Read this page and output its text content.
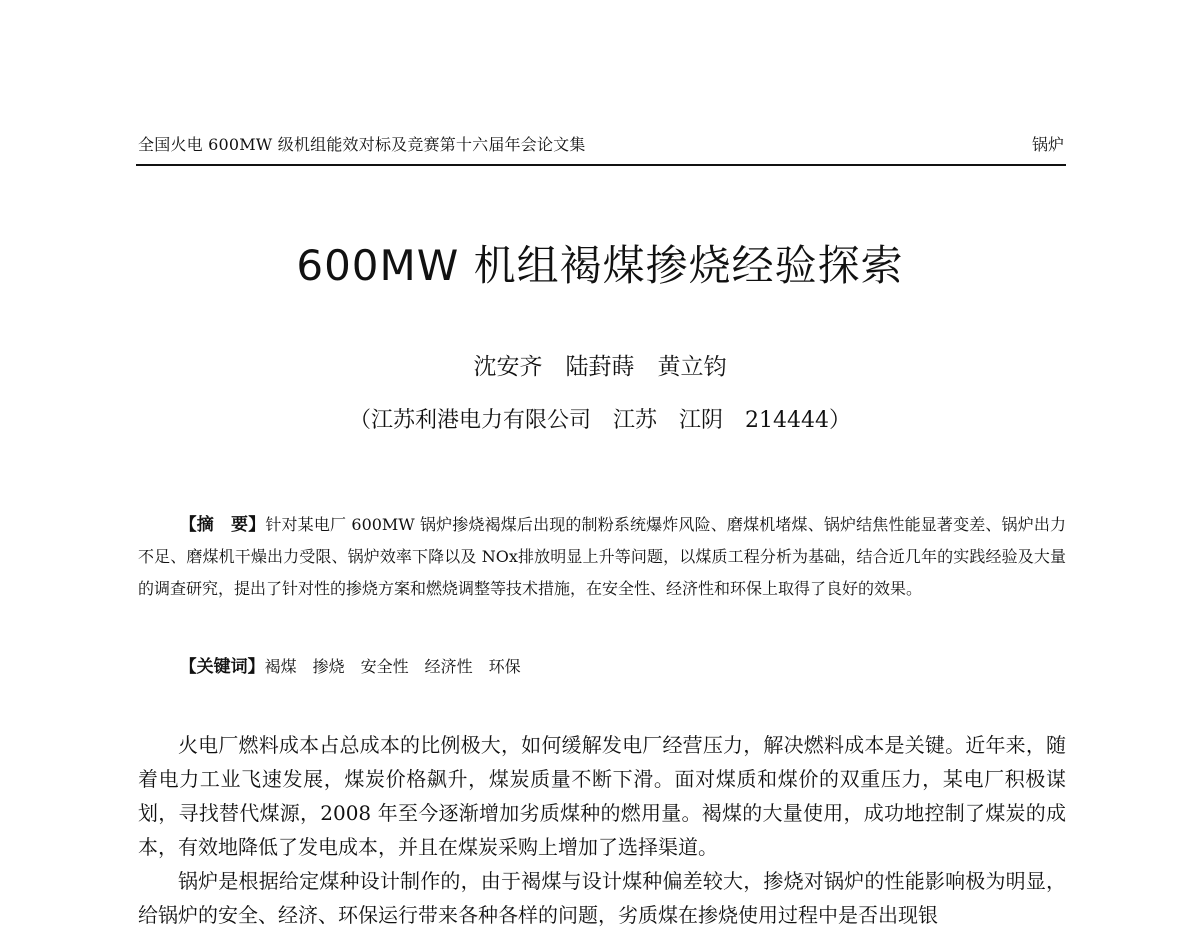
全国火电 600MW 级机组能效对标及竞赛第十六届年会论文集	锅炉
600MW 机组褐煤掺烧经验探索
沈安齐　陆葑蒔　黄立钧
（江苏利港电力有限公司　江苏　江阴　214444）

【摘　要】针对某电厂 600MW 锅炉掺烧褐煤后出现的制粉系统爆炸风险、磨煤机堵煤、锅炉结焦性能显著变差、锅炉出力不足、磨煤机干燥出力受限、锅炉效率下降以及 NOx排放明显上升等问题，以煤质工程分析为基础，结合近几年的实践经验及大量的调查研究，提出了针对性的掺烧方案和燃烧调整等技术措施，在安全性、经济性和环保上取得了良好的效果。

【关键词】褐煤　掺烧　安全性　经济性　环保

火电厂燃料成本占总成本的比例极大，如何缓解发电厂经营压力，解决燃料成本是关键。近年来，随着电力工业飞速发展，煤炭价格飙升，煤炭质量不断下滑。面对煤质和煤价的双重压力，某电厂积极谋划，寻找替代煤源，2008 年至今逐渐增加劣质煤种的燃用量。褐煤的大量使用，成功地控制了煤炭的成本，有效地降低了发电成本，并且在煤炭采购上增加了选择渠道。

锅炉是根据给定煤种设计制作的，由于褐煤与设计煤种偏差较大，掺烧对锅炉的性能影响极为明显，给锅炉的安全、经济、环保运行带来各种各样的问题，劣质煤在掺烧使用过程中是否出现银
